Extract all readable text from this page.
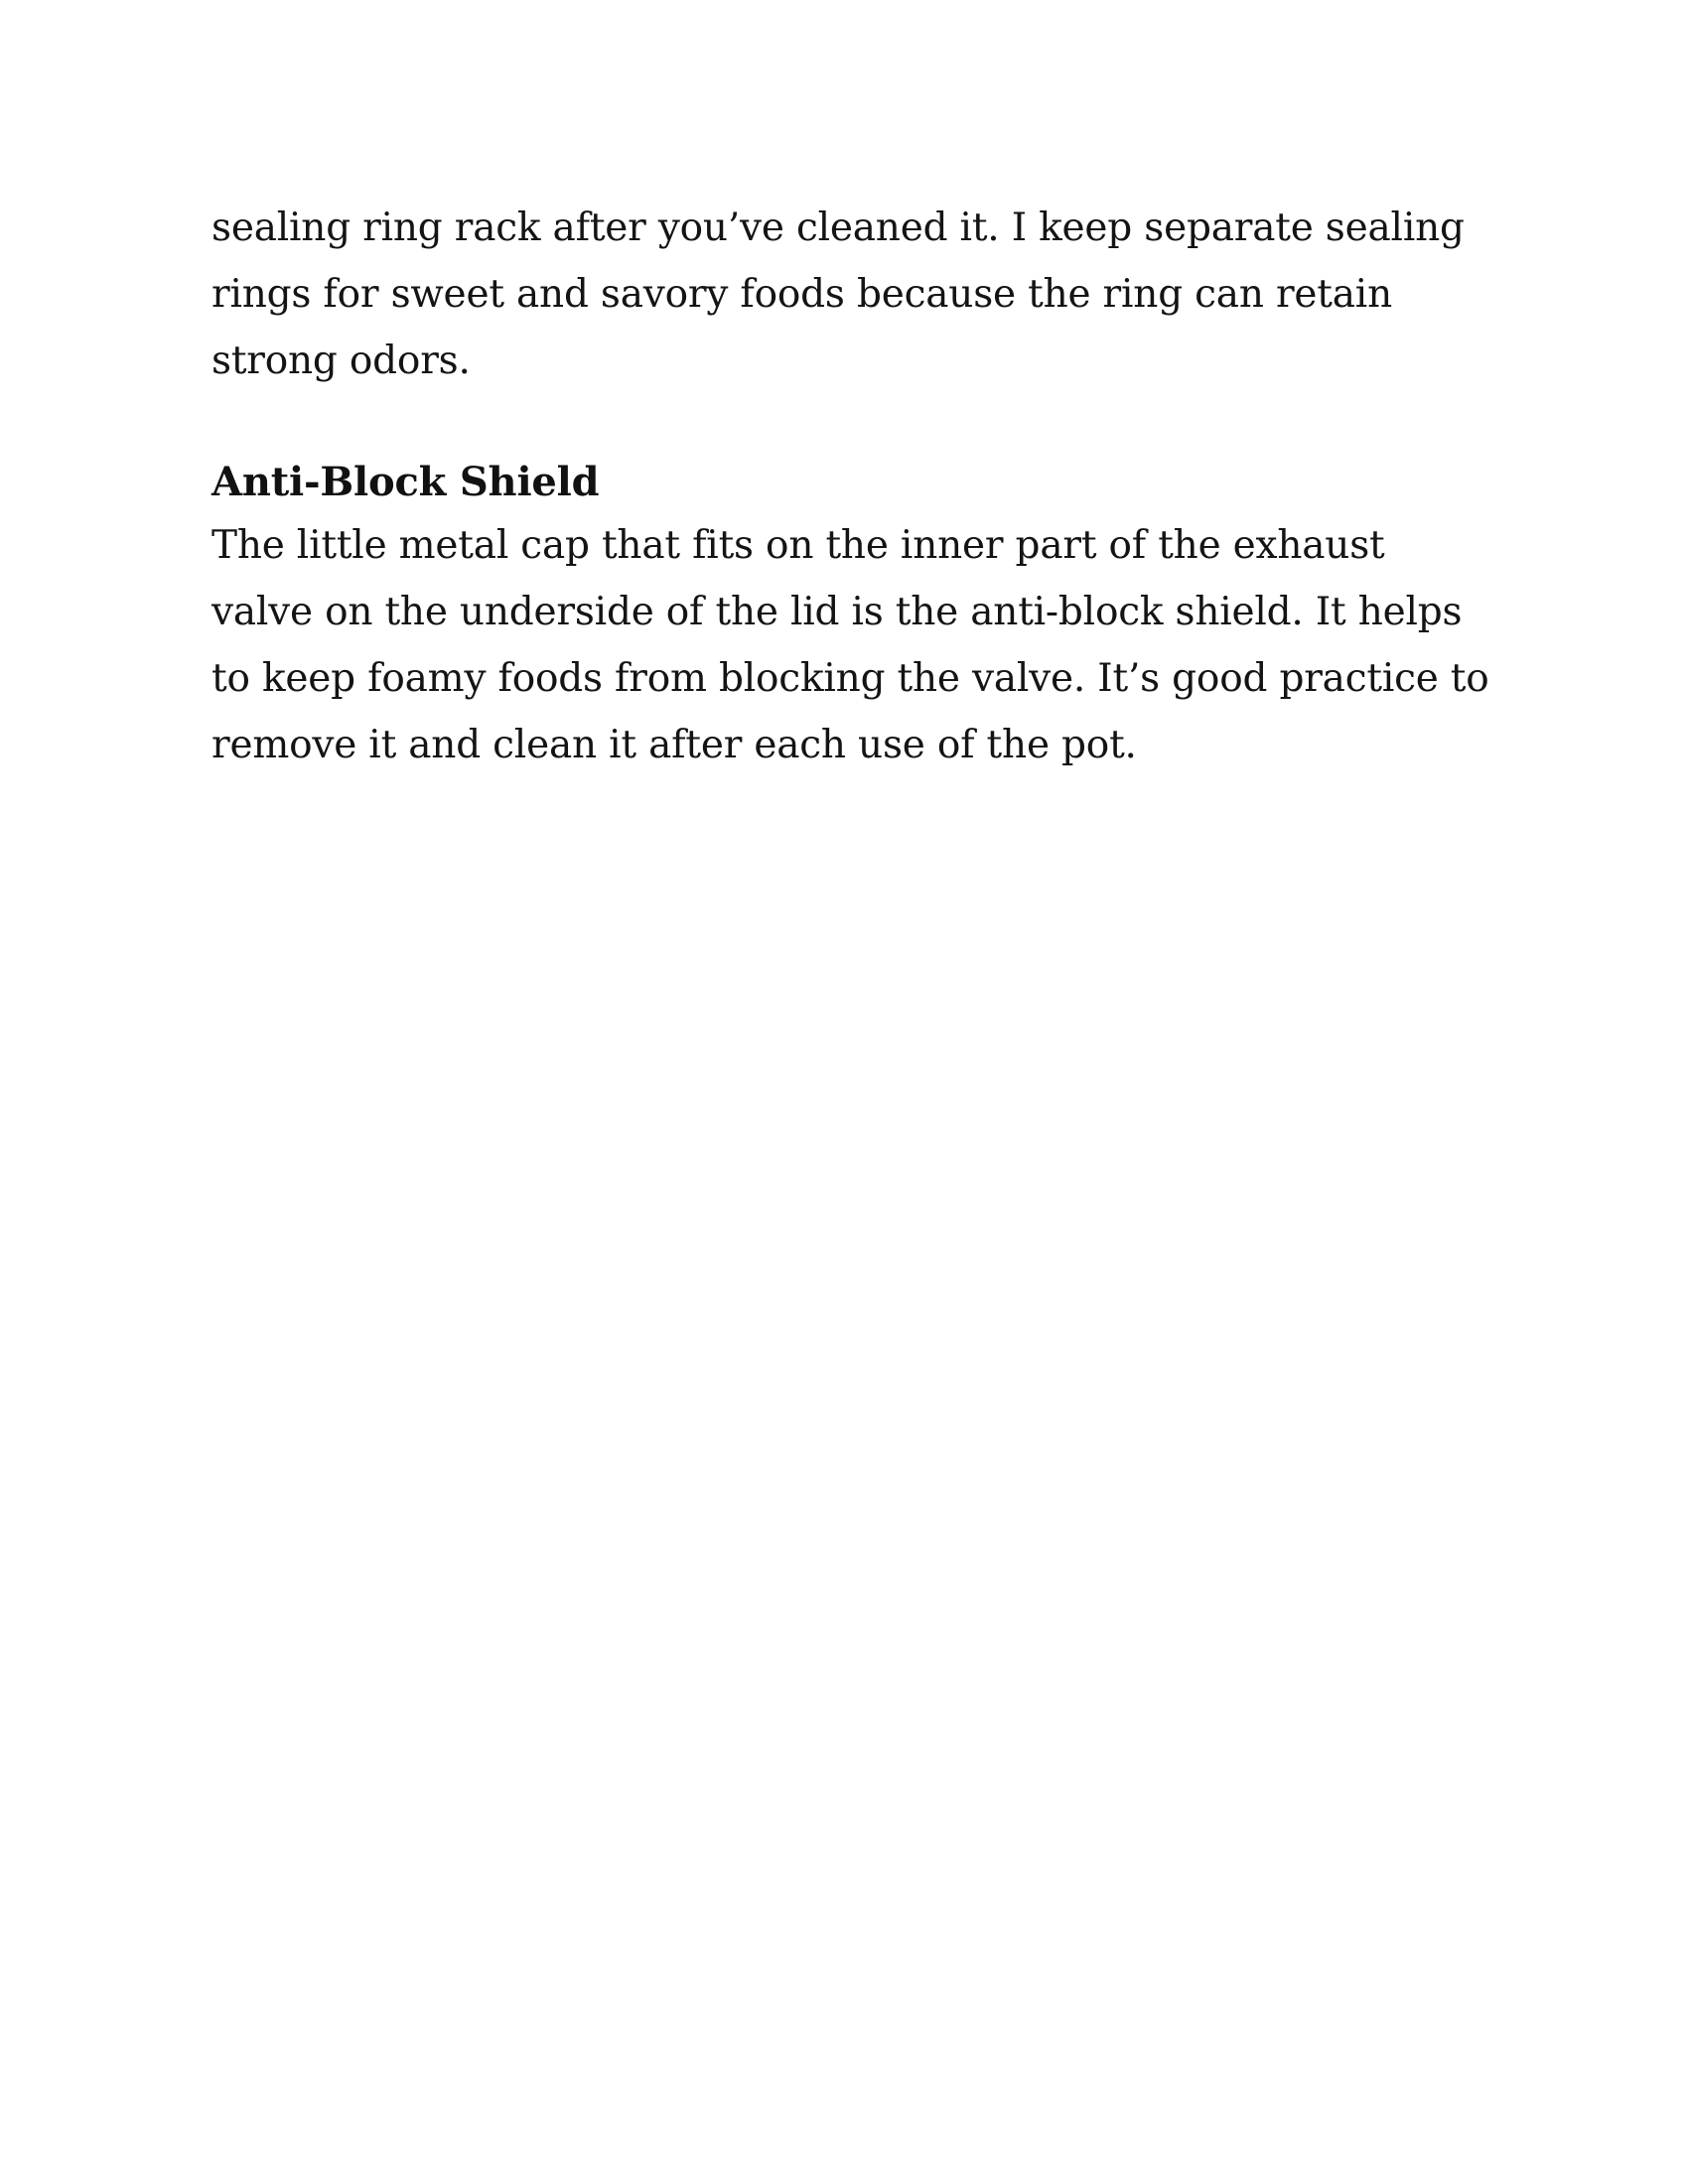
sealing ring rack after you’ve cleaned it. I keep separate sealing
rings for sweet and savory foods because the ring can retain
strong odors.

Anti-Block Shield

The little metal cap that fits on the inner part of the exhaust
valve on the underside of the lid is the anti-block shield. It helps
to keep foamy foods from blocking the valve. It’s good practice to
remove it and clean it after each use of the pot.
